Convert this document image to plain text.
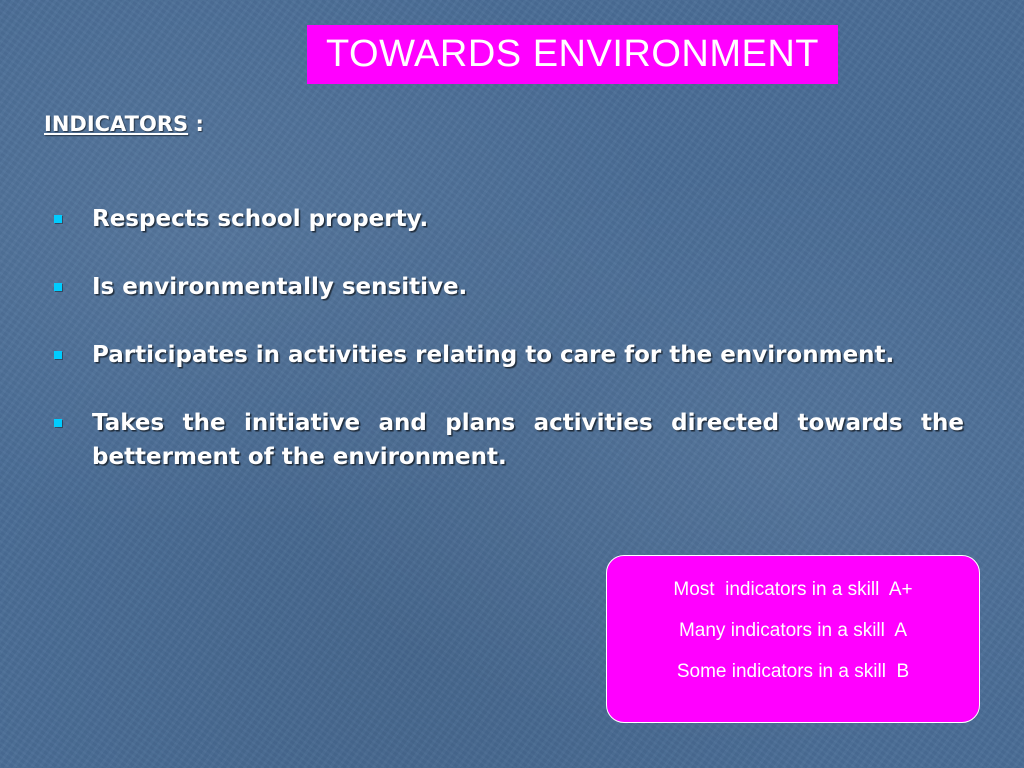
TOWARDS ENVIRONMENT
INDICATORS :
Respects school property.
Is environmentally sensitive.
Participates in activities relating to care for the environment.
Takes the initiative and plans activities directed towards the betterment of the environment.
Most  indicators in a skill  A+
Many indicators in a skill  A
Some indicators in a skill  B
